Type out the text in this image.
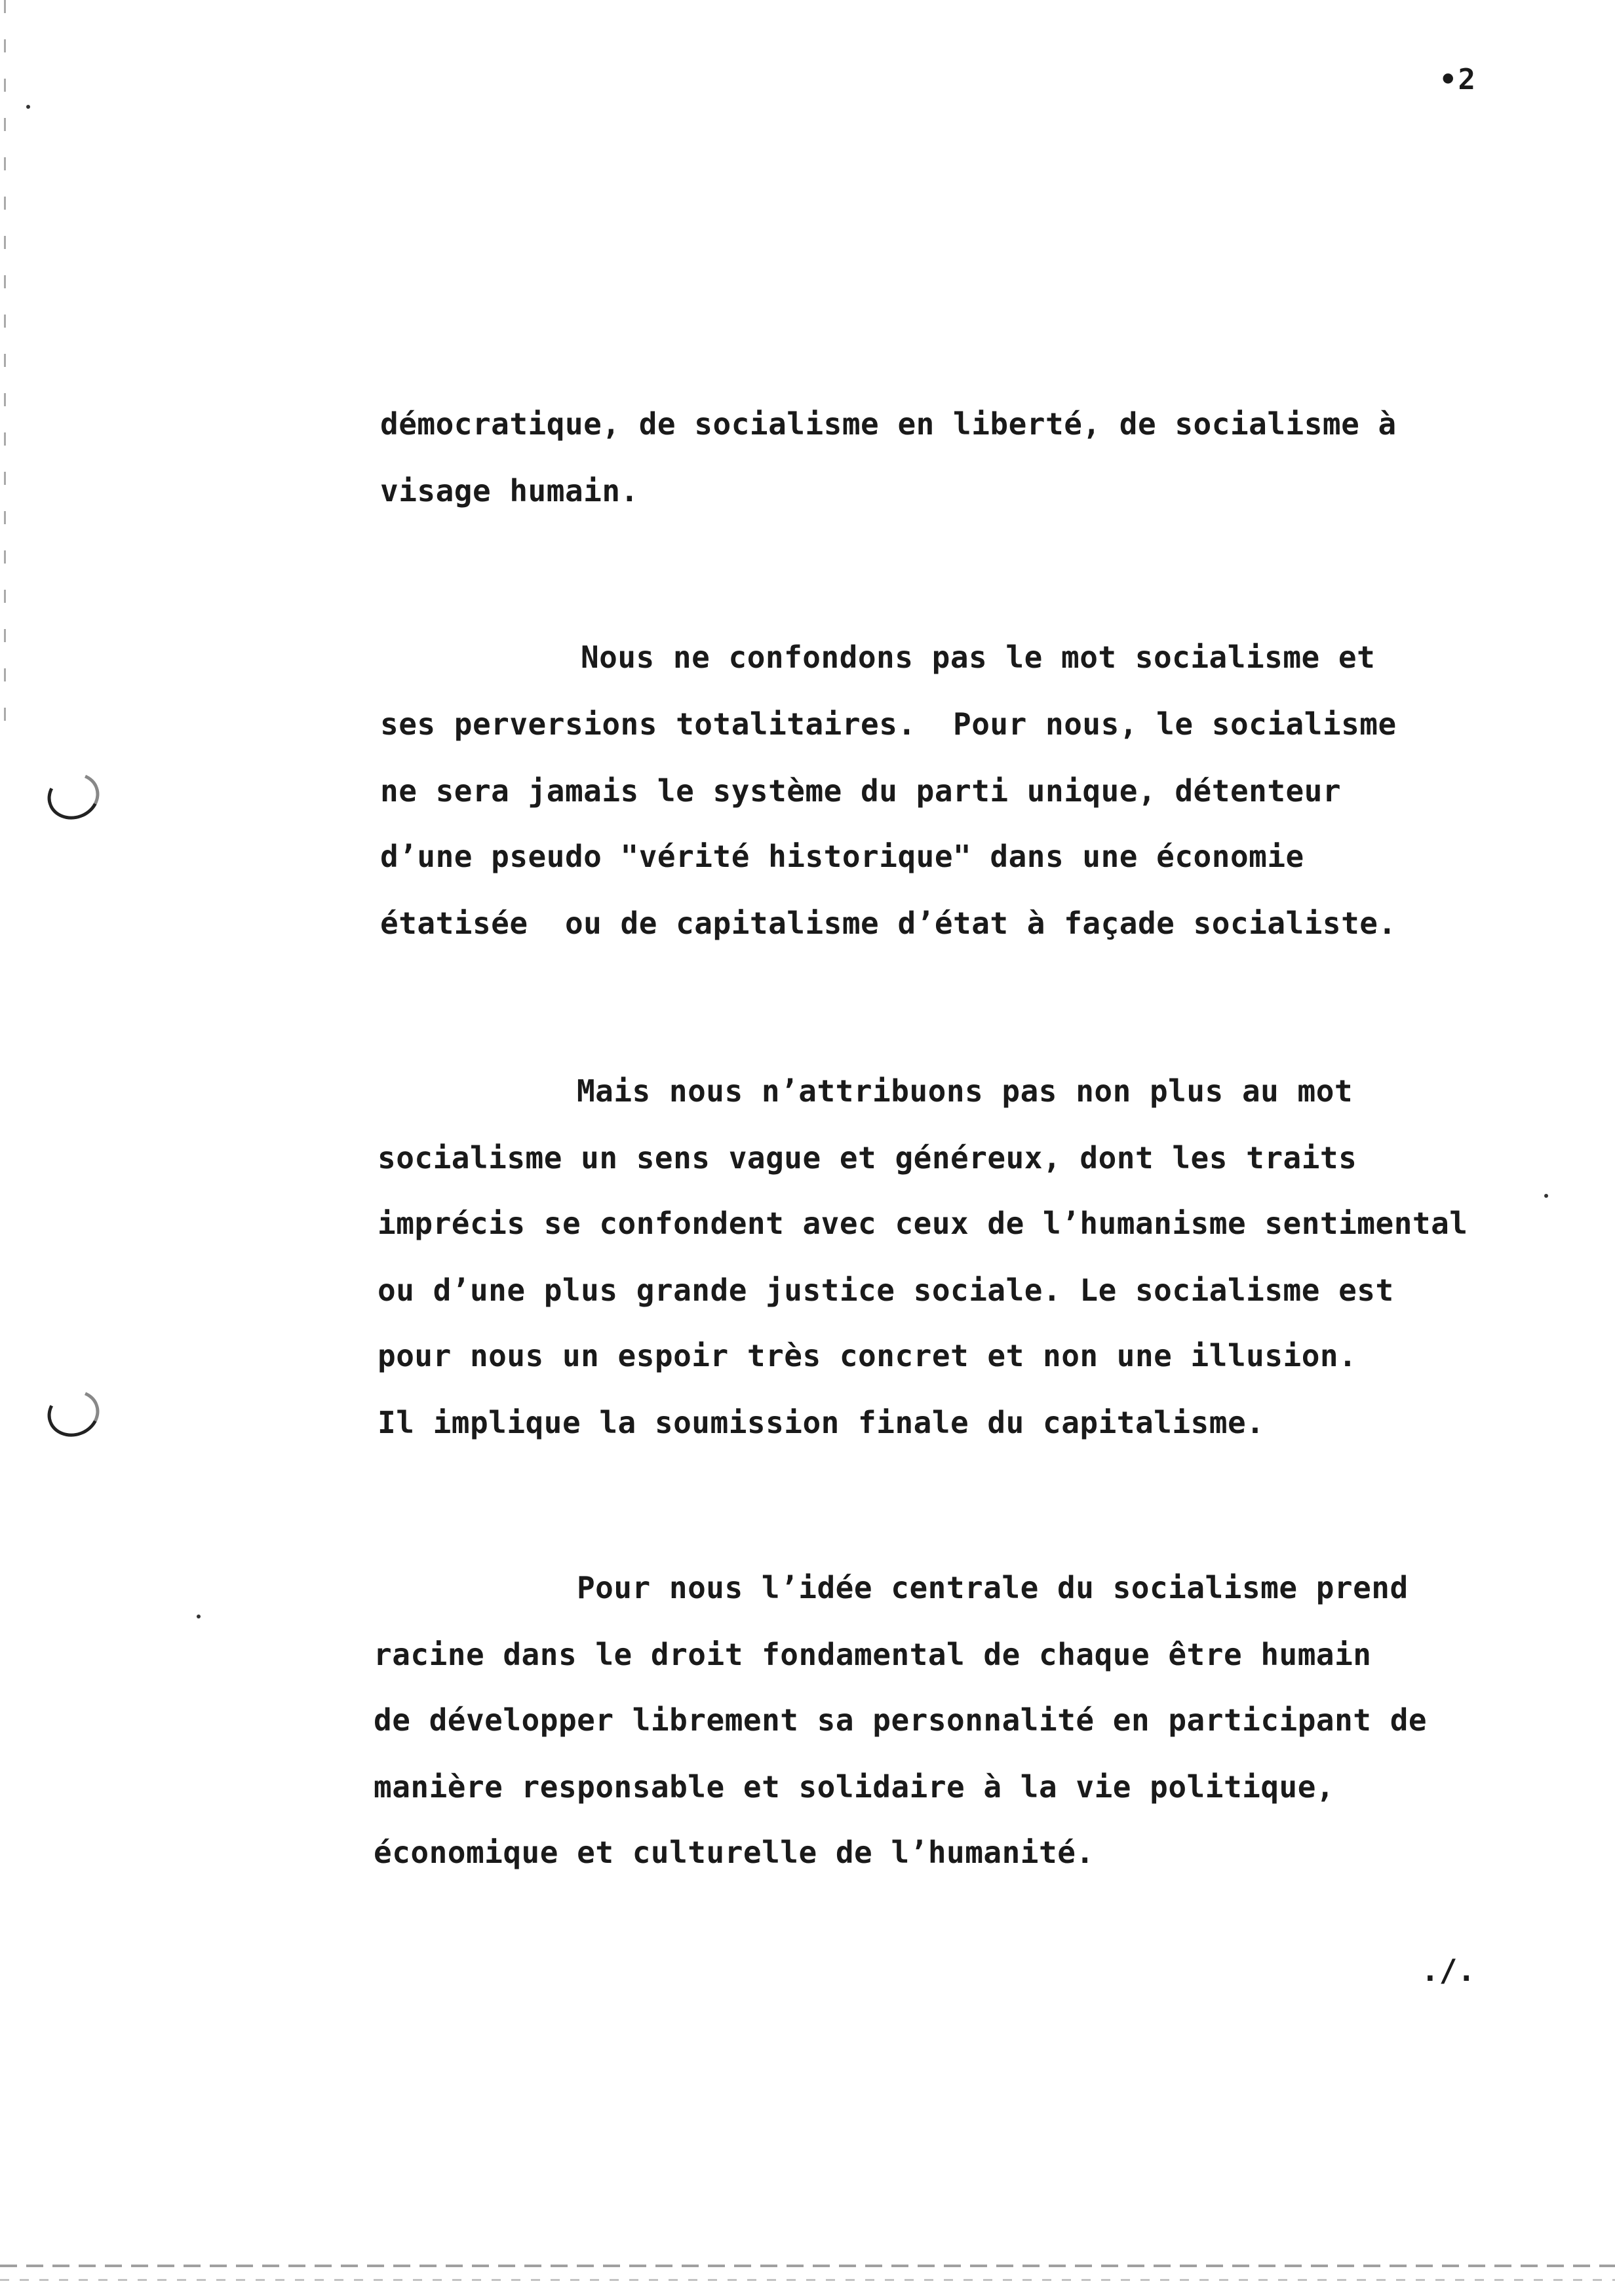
•2
démocratique, de socialisme en liberté, de socialisme à
visage humain.
Nous ne confondons pas le mot socialisme et
ses perversions totalitaires.  Pour nous, le socialisme
ne sera jamais le système du parti unique, détenteur
d’une pseudo "vérité historique" dans une économie
étatisée  ou de capitalisme d’état à façade socialiste.
Mais nous n’attribuons pas non plus au mot
socialisme un sens vague et généreux, dont les traits
imprécis se confondent avec ceux de l’humanisme sentimental
ou d’une plus grande justice sociale. Le socialisme est
pour nous un espoir très concret et non une illusion.
Il implique la soumission finale du capitalisme.
Pour nous l’idée centrale du socialisme prend
racine dans le droit fondamental de chaque être humain
de développer librement sa personnalité en participant de
manière responsable et solidaire à la vie politique,
économique et culturelle de l’humanité.
./.
